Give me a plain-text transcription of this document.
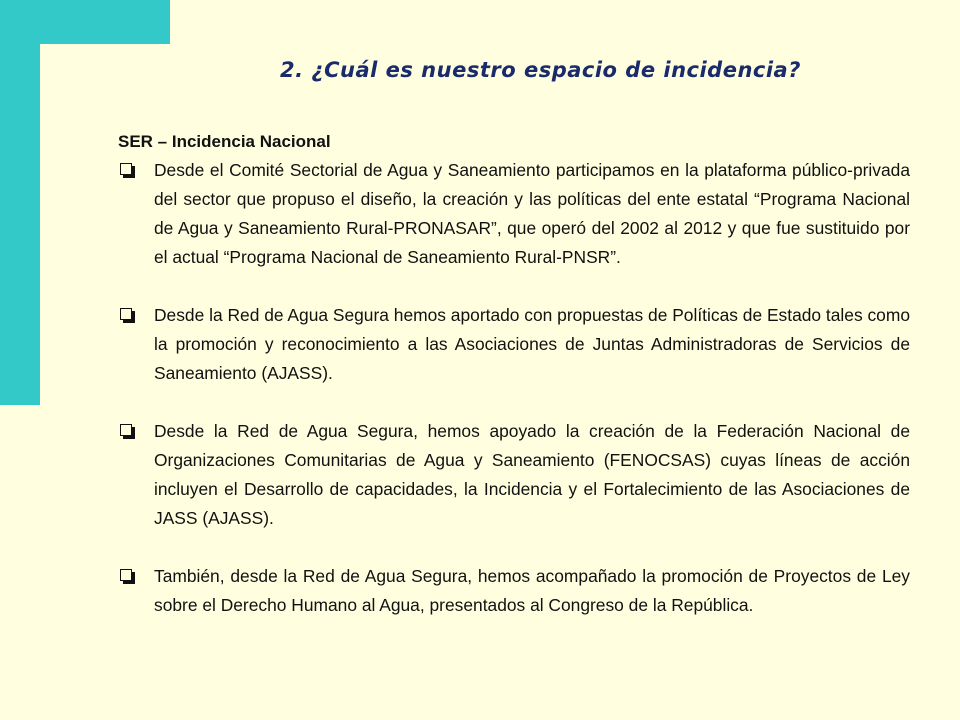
2. ¿Cuál es nuestro espacio de incidencia?
SER – Incidencia Nacional
Desde el Comité Sectorial de Agua y Saneamiento participamos en la plataforma público-privada del sector que propuso el diseño, la creación y las políticas del ente estatal “Programa Nacional de Agua y Saneamiento Rural-PRONASAR”, que operó del 2002 al 2012 y que fue sustituido por el actual “Programa Nacional de Saneamiento Rural-PNSR”.
Desde la Red de Agua Segura hemos aportado con propuestas de Políticas de Estado tales como la promoción y reconocimiento a las Asociaciones de Juntas Administradoras de Servicios de Saneamiento (AJASS).
Desde la Red de Agua Segura, hemos apoyado la creación de la Federación Nacional de Organizaciones Comunitarias de Agua y Saneamiento (FENOCSAS) cuyas líneas de acción incluyen el Desarrollo de capacidades, la Incidencia y el Fortalecimiento de las Asociaciones de JASS (AJASS).
También, desde la Red de Agua Segura, hemos acompañado la promoción de Proyectos de Ley sobre el Derecho Humano al Agua, presentados al Congreso de la República.
